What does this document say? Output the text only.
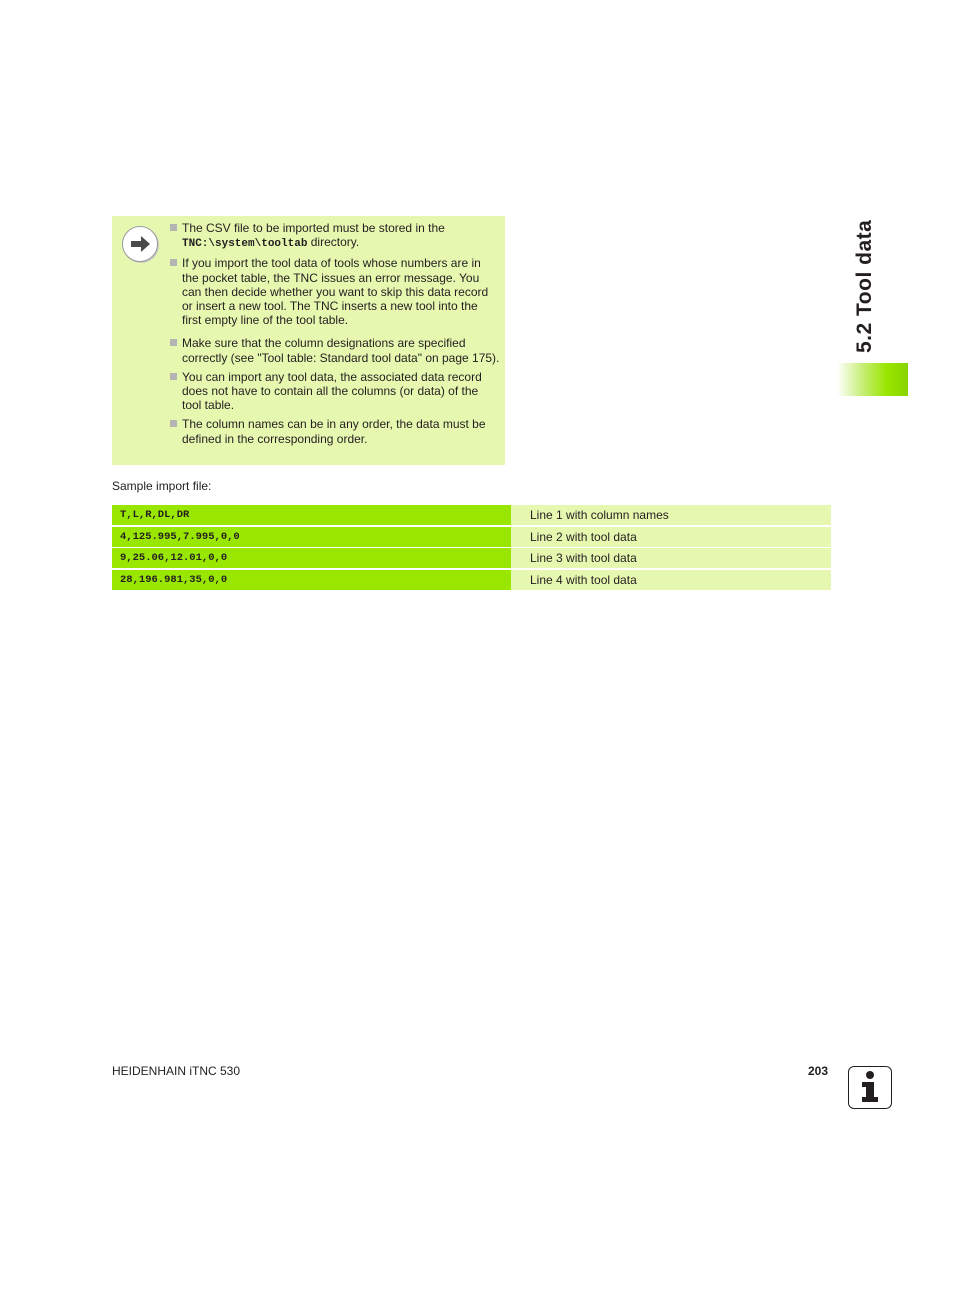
5.2 Tool data
The CSV file to be imported must be stored in the
TNC:\system\tooltab directory.
If you import the tool data of tools whose numbers are in the pocket table, the TNC issues an error message. You can then decide whether you want to skip this data record or insert a new tool. The TNC inserts a new tool into the first empty line of the tool table.
Make sure that the column designations are specified correctly (see "Tool table: Standard tool data" on page 175).
You can import any tool data, the associated data record does not have to contain all the columns (or data) of the tool table.
The column names can be in any order, the data must be defined in the corresponding order.
Sample import file:
T,L,R,DL,DR	Line 1 with column names
4,125.995,7.995,0,0	Line 2 with tool data
9,25.06,12.01,0,0	Line 3 with tool data
28,196.981,35,0,0	Line 4 with tool data
HEIDENHAIN iTNC 530	203
